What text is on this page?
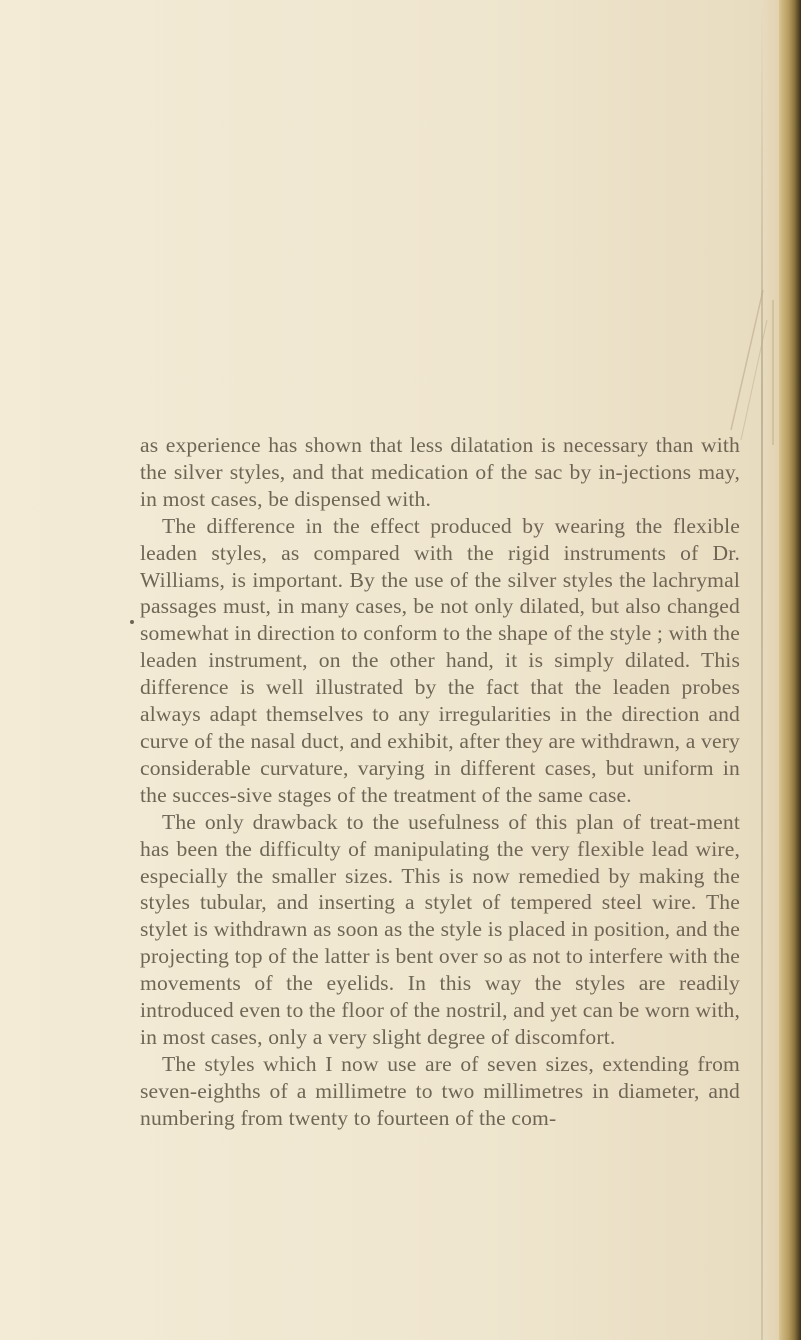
as experience has shown that less dilatation is necessary than with the silver styles, and that medication of the sac by in-jections may, in most cases, be dispensed with.

The difference in the effect produced by wearing the flexible leaden styles, as compared with the rigid instruments of Dr. Williams, is important. By the use of the silver styles the lachrymal passages must, in many cases, be not only dilated, but also changed somewhat in direction to conform to the shape of the style ; with the leaden instrument, on the other hand, it is simply dilated. This difference is well illustrated by the fact that the leaden probes always adapt themselves to any irregularities in the direction and curve of the nasal duct, and exhibit, after they are withdrawn, a very considerable curvature, varying in different cases, but uniform in the succes-sive stages of the treatment of the same case.

The only drawback to the usefulness of this plan of treat-ment has been the difficulty of manipulating the very flexible lead wire, especially the smaller sizes. This is now remedied by making the styles tubular, and inserting a stylet of tempered steel wire. The stylet is withdrawn as soon as the style is placed in position, and the projecting top of the latter is bent over so as not to interfere with the movements of the eyelids. In this way the styles are readily introduced even to the floor of the nostril, and yet can be worn with, in most cases, only a very slight degree of discomfort.

The styles which I now use are of seven sizes, extending from seven-eighths of a millimetre to two millimetres in diameter, and numbering from twenty to fourteen of the com-
